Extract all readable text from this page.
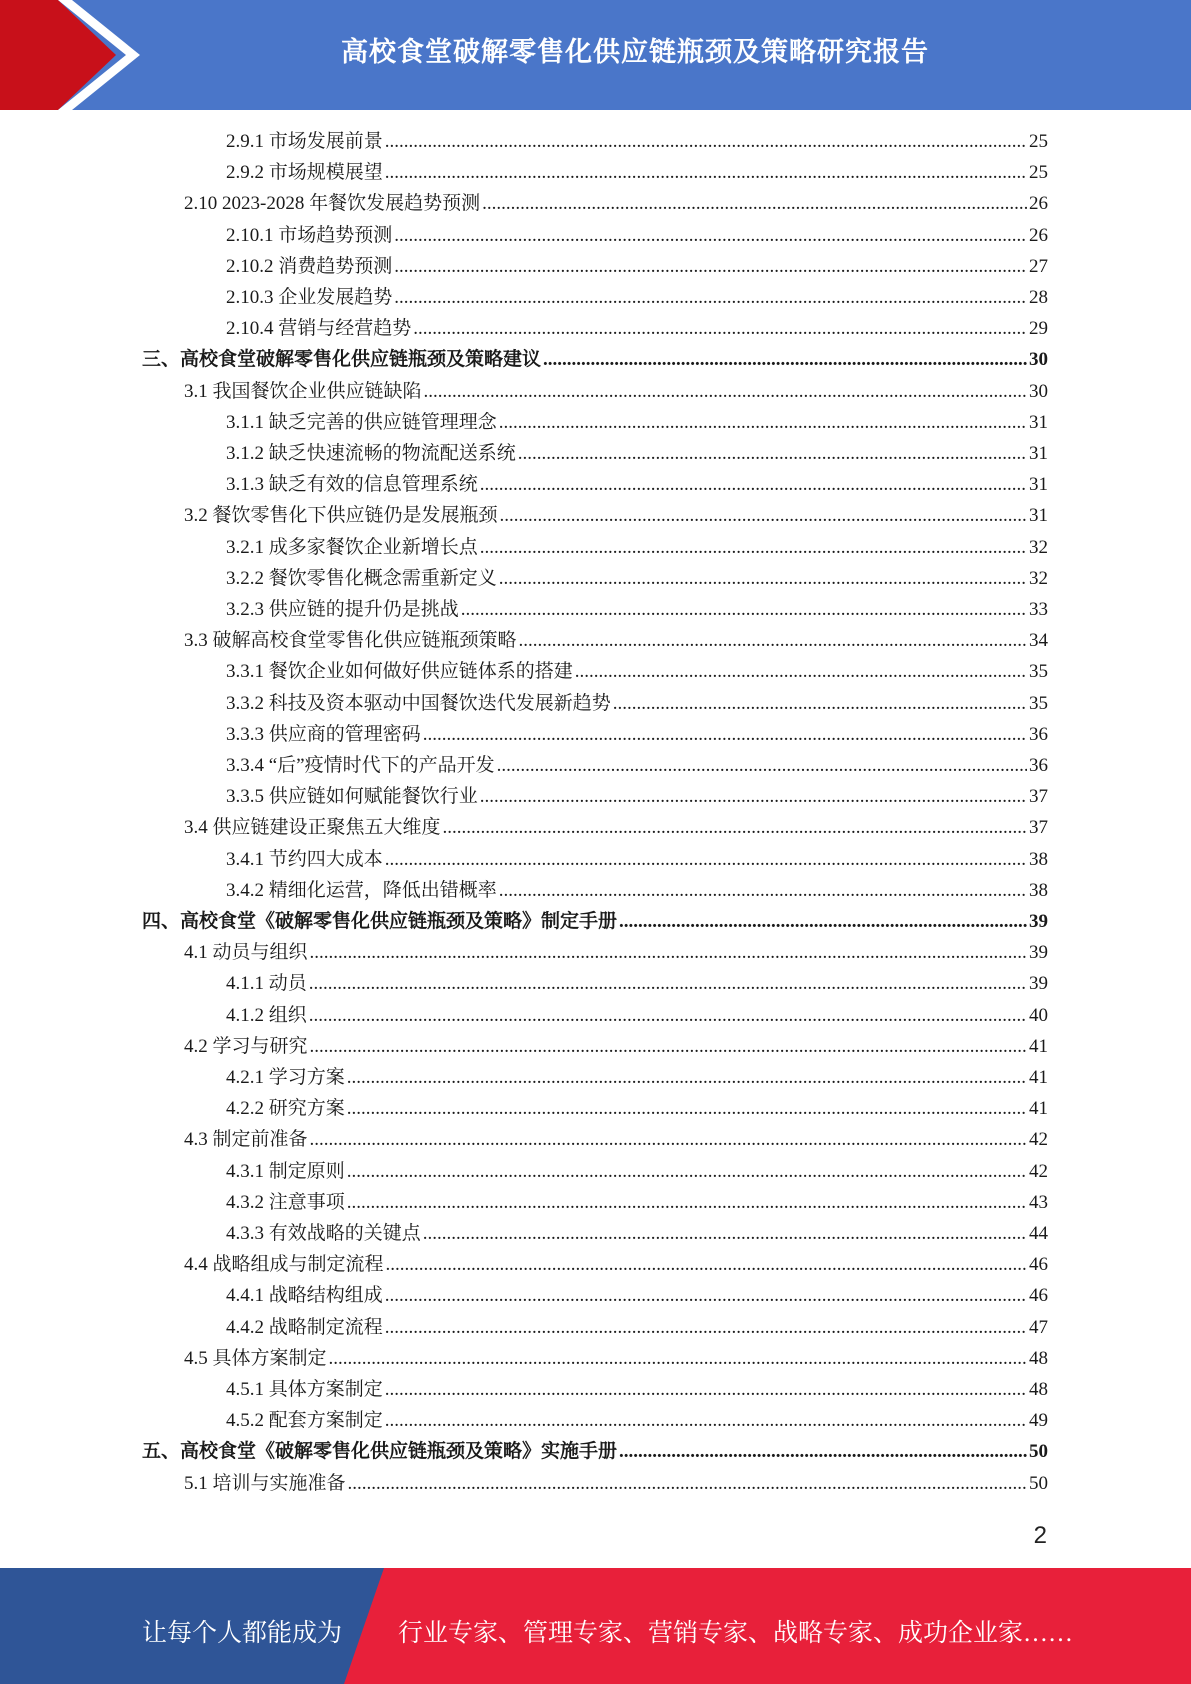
高校食堂破解零售化供应链瓶颈及策略研究报告
2.9.1 市场发展前景 .....	25
2.9.2 市场规模展望 .....	25
2.10 2023-2028 年餐饮发展趋势预测 .....	26
2.10.1 市场趋势预测 .....	26
2.10.2 消费趋势预测 .....	27
2.10.3 企业发展趋势 .....	28
2.10.4 营销与经营趋势 .....	29
三、高校食堂破解零售化供应链瓶颈及策略建议 .....	30
3.1 我国餐饮企业供应链缺陷 .....	30
3.1.1 缺乏完善的供应链管理理念 .....	31
3.1.2 缺乏快速流畅的物流配送系统 .....	31
3.1.3 缺乏有效的信息管理系统 .....	31
3.2 餐饮零售化下供应链仍是发展瓶颈 .....	31
3.2.1 成多家餐饮企业新增长点 .....	32
3.2.2 餐饮零售化概念需重新定义 .....	32
3.2.3 供应链的提升仍是挑战 .....	33
3.3 破解高校食堂零售化供应链瓶颈策略 .....	34
3.3.1 餐饮企业如何做好供应链体系的搭建 .....	35
3.3.2 科技及资本驱动中国餐饮迭代发展新趋势 .....	35
3.3.3 供应商的管理密码 .....	36
3.3.4 “后”疫情时代下的产品开发 .....	36
3.3.5 供应链如何赋能餐饮行业 .....	37
3.4 供应链建设正聚焦五大维度 .....	37
3.4.1 节约四大成本 .....	38
3.4.2 精细化运营，降低出错概率 .....	38
四、高校食堂《破解零售化供应链瓶颈及策略》制定手册 .....	39
4.1 动员与组织 .....	39
4.1.1 动员 .....	39
4.1.2 组织 .....	40
4.2 学习与研究 .....	41
4.2.1 学习方案 .....	41
4.2.2 研究方案 .....	41
4.3 制定前准备 .....	42
4.3.1 制定原则 .....	42
4.3.2 注意事项 .....	43
4.3.3 有效战略的关键点 .....	44
4.4 战略组成与制定流程 .....	46
4.4.1 战略结构组成 .....	46
4.4.2 战略制定流程 .....	47
4.5 具体方案制定 .....	48
4.5.1 具体方案制定 .....	48
4.5.2 配套方案制定 .....	49
五、高校食堂《破解零售化供应链瓶颈及策略》实施手册 .....	50
5.1 培训与实施准备 .....	50
2
让每个人都能成为 行业专家、管理专家、营销专家、战略专家、成功企业家……
